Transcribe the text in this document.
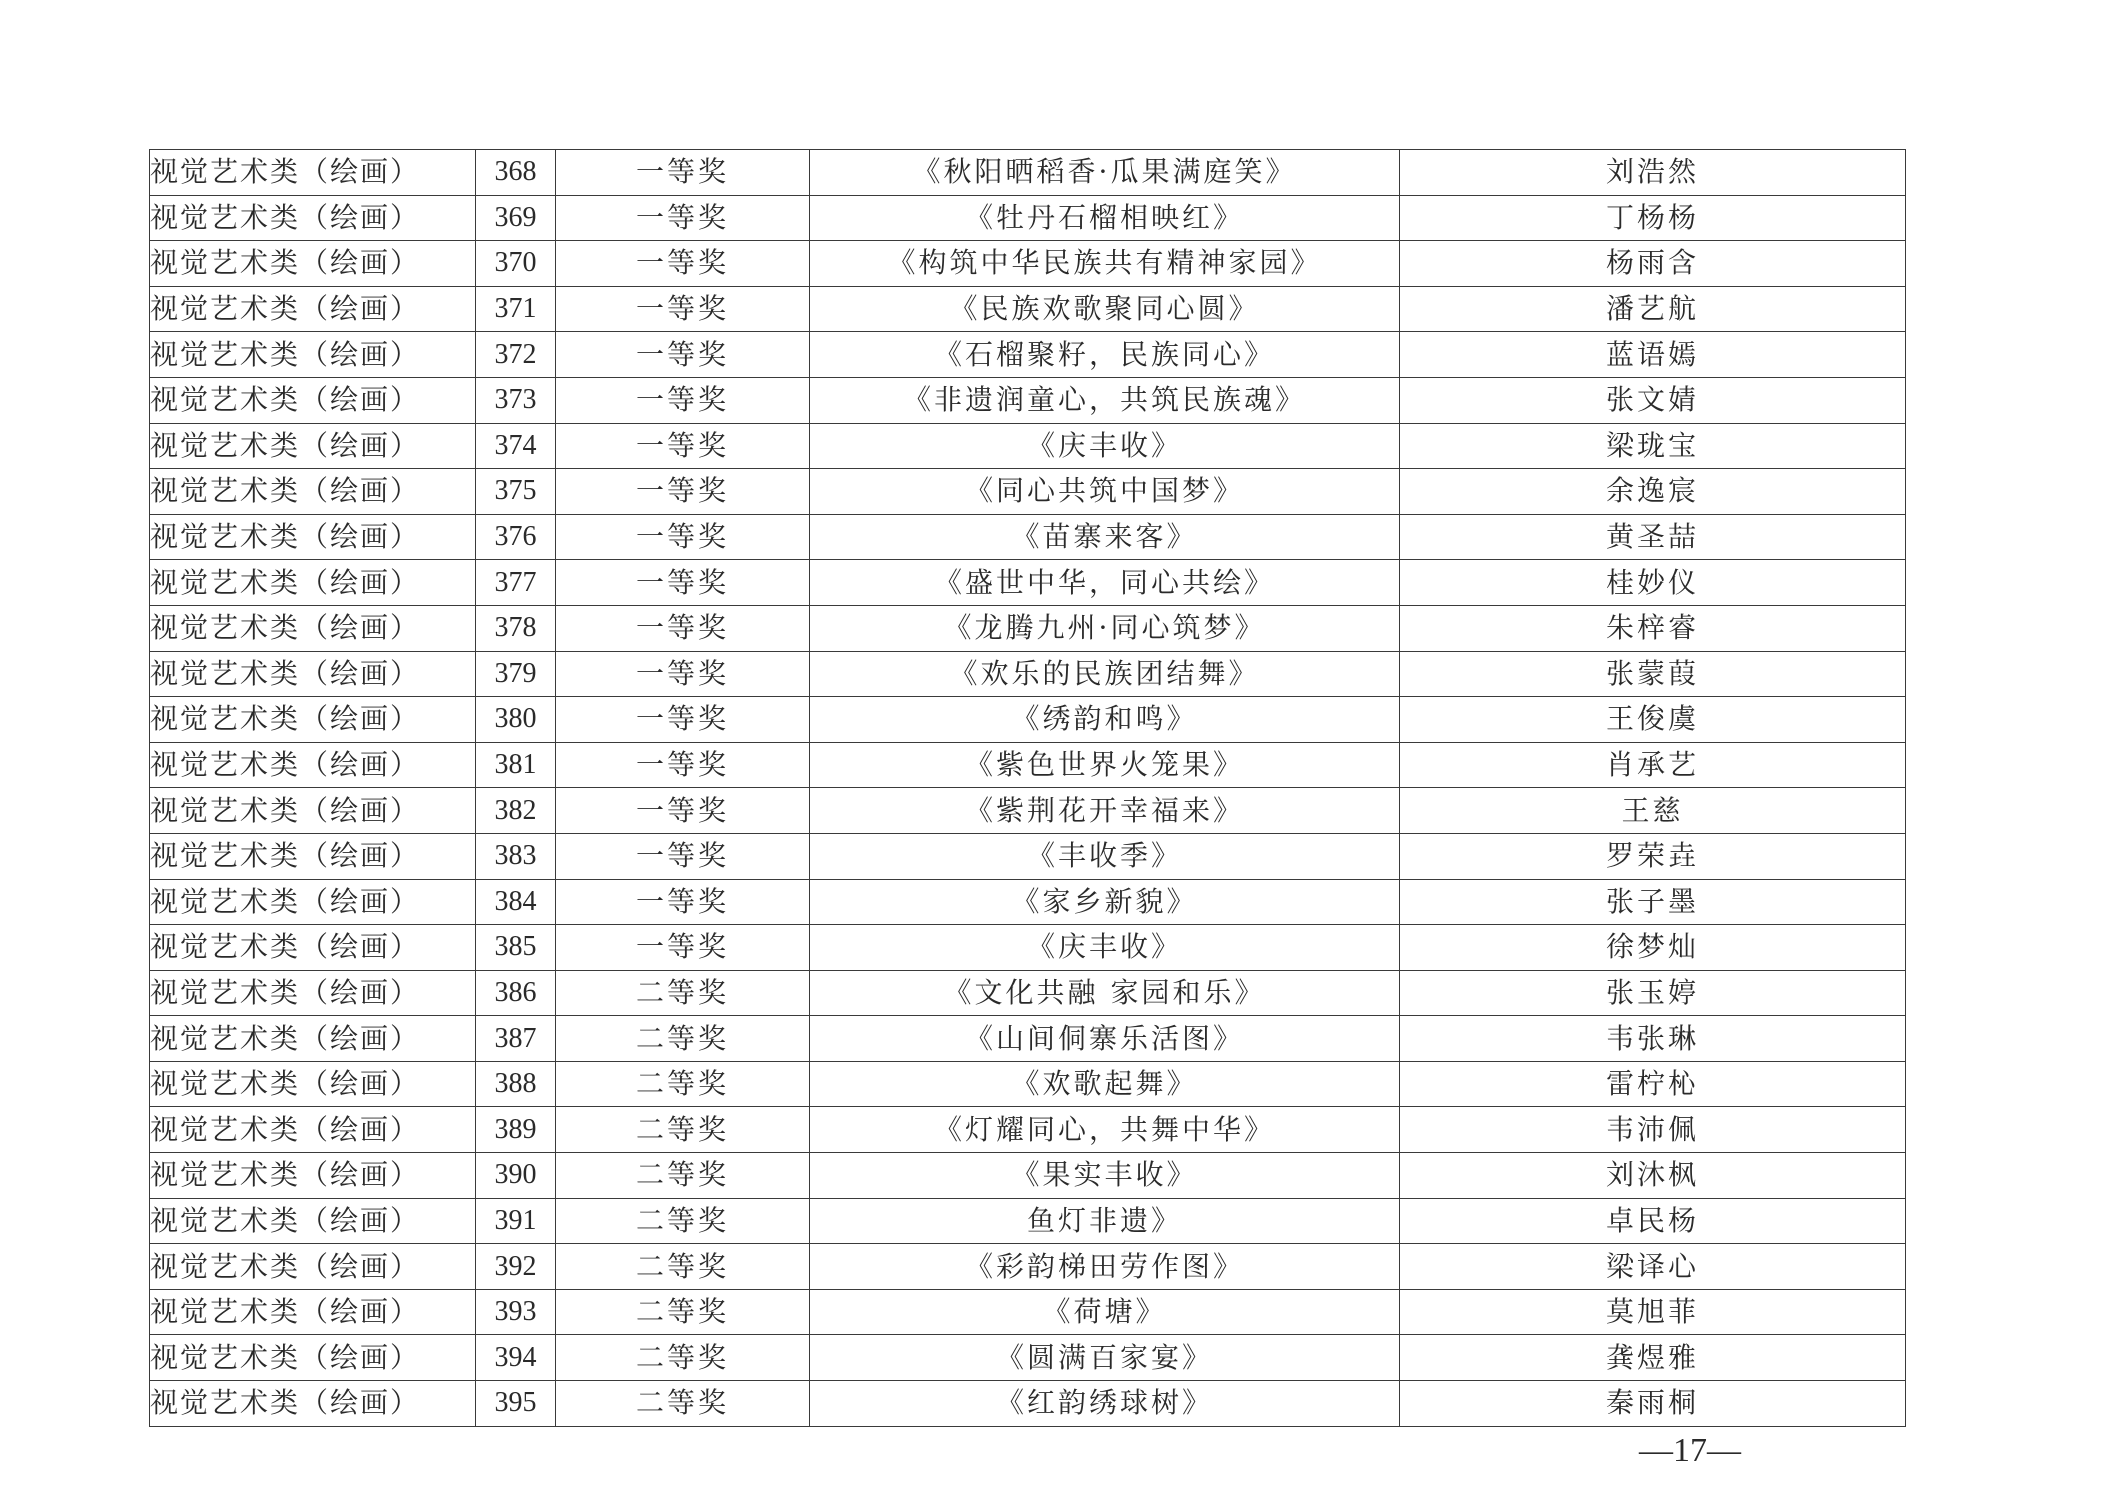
视觉艺术类（绘画）	368	一等奖	《秋阳晒稻香·瓜果满庭笑》	刘浩然
视觉艺术类（绘画）	369	一等奖	《牡丹石榴相映红》	丁杨杨
视觉艺术类（绘画）	370	一等奖	《构筑中华民族共有精神家园》	杨雨含
视觉艺术类（绘画）	371	一等奖	《民族欢歌聚同心圆》	潘艺航
视觉艺术类（绘画）	372	一等奖	《石榴聚籽，民族同心》	蓝语嫣
视觉艺术类（绘画）	373	一等奖	《非遗润童心，共筑民族魂》	张文婧
视觉艺术类（绘画）	374	一等奖	《庆丰收》	梁珑宝
视觉艺术类（绘画）	375	一等奖	《同心共筑中国梦》	余逸宸
视觉艺术类（绘画）	376	一等奖	《苗寨来客》	黄圣喆
视觉艺术类（绘画）	377	一等奖	《盛世中华，同心共绘》	桂妙仪
视觉艺术类（绘画）	378	一等奖	《龙腾九州·同心筑梦》	朱梓睿
视觉艺术类（绘画）	379	一等奖	《欢乐的民族团结舞》	张蒙葭
视觉艺术类（绘画）	380	一等奖	《绣韵和鸣》	王俊虞
视觉艺术类（绘画）	381	一等奖	《紫色世界火笼果》	肖承艺
视觉艺术类（绘画）	382	一等奖	《紫荆花开幸福来》	王慈
视觉艺术类（绘画）	383	一等奖	《丰收季》	罗荣垚
视觉艺术类（绘画）	384	一等奖	《家乡新貌》	张子墨
视觉艺术类（绘画）	385	一等奖	《庆丰收》	徐梦灿
视觉艺术类（绘画）	386	二等奖	《文化共融 家园和乐》	张玉婷
视觉艺术类（绘画）	387	二等奖	《山间侗寨乐活图》	韦张琳
视觉艺术类（绘画）	388	二等奖	《欢歌起舞》	雷柠杺
视觉艺术类（绘画）	389	二等奖	《灯耀同心，共舞中华》	韦沛佩
视觉艺术类（绘画）	390	二等奖	《果实丰收》	刘沐枫
视觉艺术类（绘画）	391	二等奖	鱼灯非遗》	卓民杨
视觉艺术类（绘画）	392	二等奖	《彩韵梯田劳作图》	梁译心
视觉艺术类（绘画）	393	二等奖	《荷塘》	莫旭菲
视觉艺术类（绘画）	394	二等奖	《圆满百家宴》	龚煜雅
视觉艺术类（绘画）	395	二等奖	《红韵绣球树》	秦雨桐
—17—
